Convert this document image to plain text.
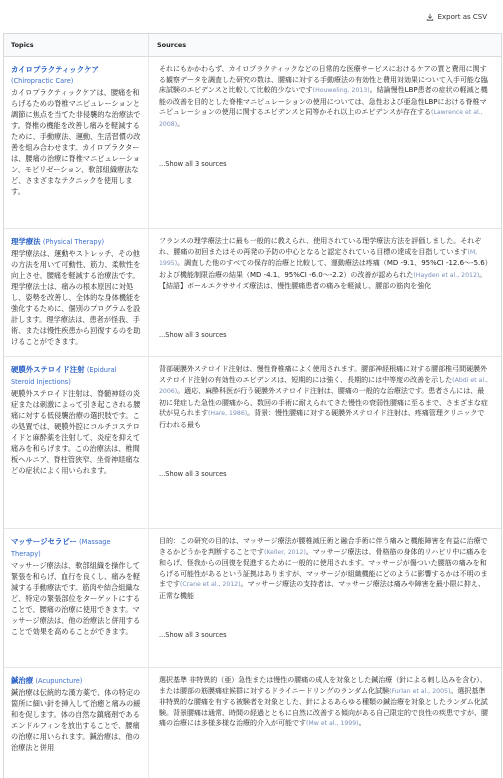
Export as CSV
Topics	Sources
カイロプラクティックケア
(Chiropractic Care)

カイロプラクティックケアは、腰痛を和らげるための脊椎マニピュレーションと調節に焦点を当てた非侵襲的な治療法です。脊椎の機能を改善し痛みを軽減するために、手動療法、運動、生活習慣の改善を組み合わせます。カイロプラクターは、腰痛の治療に脊椎マニピュレーション、モビリゼーション、軟部組織療法など、さまざまなテクニックを使用します。

それにもかかわらず、カイロプラクティックなどの日常的な医療サービスにおけるケアの質と費用に関する観察データを調査した研究の数は、腰痛に対する手動療法の有効性と費用対効果について入手可能な臨床試験のエビデンスと比較して比較的少ないです(Houweling, 2013)。結論慢性LBP患者の症状の軽減と機能の改善を目的とした脊椎マニピュレーションの使用については、急性および亜急性LBPにおける脊椎マニピュレーションの使用に関するエビデンスと同等かそれ以上のエビデンスが存在する(Lawrence et al., 2008)。

...Show all 3 sources
理学療法 (Physical Therapy)

理学療法は、運動やストレッチ、その他の方法を用いて可動性、筋力、柔軟性を向上させ、腰痛を軽減する治療法です。理学療法士は、痛みの根本原因に対処し、姿勢を改善し、全体的な身体機能を強化するために、個別のプログラムを設計します。理学療法は、患者が怪我、手術、または慢性疾患から回復するのを助けることができます。

フランスの理学療法士に最も一般的に教えられ、使用されている理学療法方法を評価しました。それぞれ、腰痛の初回またはその再発の予防の中心となると認定されている目標の達成を目指しています(M, 1995)。調査した他のすべての保存的治療と比較して、運動療法は疼痛（MD -9.1、95%CI -12.6〜-5.6）および機能制限治療の結果（MD -4.1、95%CI -6.0〜-2.2）の改善が認められた(Hayden et al., 2012)。【結語】ボールエクササイズ療法は、慢性腰痛患者の痛みを軽減し、腰部の筋肉を強化

...Show all 3 sources
硬膜外ステロイド注射 (Epidural Steroid Injections)

硬膜外ステロイド注射は、脊髄神経の炎症または刺激によって引き起こされる腰痛に対する低侵襲治療の選択肢です。この処置では、硬膜外腔にコルチコステロイドと麻酔薬を注射して、炎症を抑えて痛みを和らげます。この治療法は、椎間板ヘルニア、脊柱管狭窄、坐骨神経痛などの症状によく用いられます。

背部硬膜外ステロイド注射は、慢性脊椎痛によく使用されます。腰部神経根痛に対する腰部椎弓間硬膜外ステロイド注射の有効性のエビデンスは、短期的には強く、長期的には中等度の改善を示した(Abdi et al., 2006)。適応、麻酔科医が行う硬膜外ステロイド注射は、腰痛の一般的な治療法です。患者さんには、最初に発症した急性の腰痛から、数回の手術に耐えられてきた慢性の衰弱性腰痛に至るまで、さまざまな症状が見られます(Hare, 1986)。背景：慢性腰痛に対する硬膜外ステロイド注射は、疼痛管理クリニックで行われる最も

...Show all 3 sources
マッサージセラピー (Massage Therapy)

マッサージ療法は、軟部組織を操作して緊張を和らげ、血行を良くし、痛みを軽減する手動療法です。筋肉や結合組織など、特定の緊張部位をターゲットにすることで、腰痛の治療に使用できます。マッサージ療法は、他の治療法と併用することで効果を高めることができます。

目的：この研究の目的は、マッサージ療法が腰椎減圧術と融合手術に伴う痛みと機能障害を有益に治療できるかどうかを判断することです(Keller, 2012)。マッサージ療法は、骨格筋の身体的リハビリ中に痛みを和らげ、怪我からの回復を促進するために一般的に使用されます。マッサージが傷ついた腰筋の痛みを和らげる可能性があるという証拠はありますが、マッサージが組織機能にどのように影響するかは不明のままです(Crane et al., 2012)。マッサージ療法の支持者は、マッサージ療法は痛みや障害を最小限に抑え、正常な機能

...Show all 3 sources
鍼治療 (Acupuncture)

鍼治療は伝統的な漢方薬で、体の特定の箇所に細い針を挿入して治癒と痛みの緩和を促します。体の自然な鎮痛剤であるエンドルフィンを放出することで、腰痛の治療に用いられます。鍼治療は、他の治療法と併用

選択基準 非特異的（亜）急性または慢性の腰痛の成人を対象とした鍼治療（針による刺し込みを含む）、または腰部の筋膜痛症候群に対するドライニードリングのランダム化試験(Furlan et al., 2005)。選択基準 非特異的な腰痛を有する被験者を対象とした、針によるあらゆる種類の鍼治療を対象としたランダム化試験。背景腰痛は通常、時間の経過とともに自然に改善する傾向がある自己限定的で良性の疾患ですが、腰痛の治療には多様多様な治療的介入が可能です(Mw et al., 1999)。
